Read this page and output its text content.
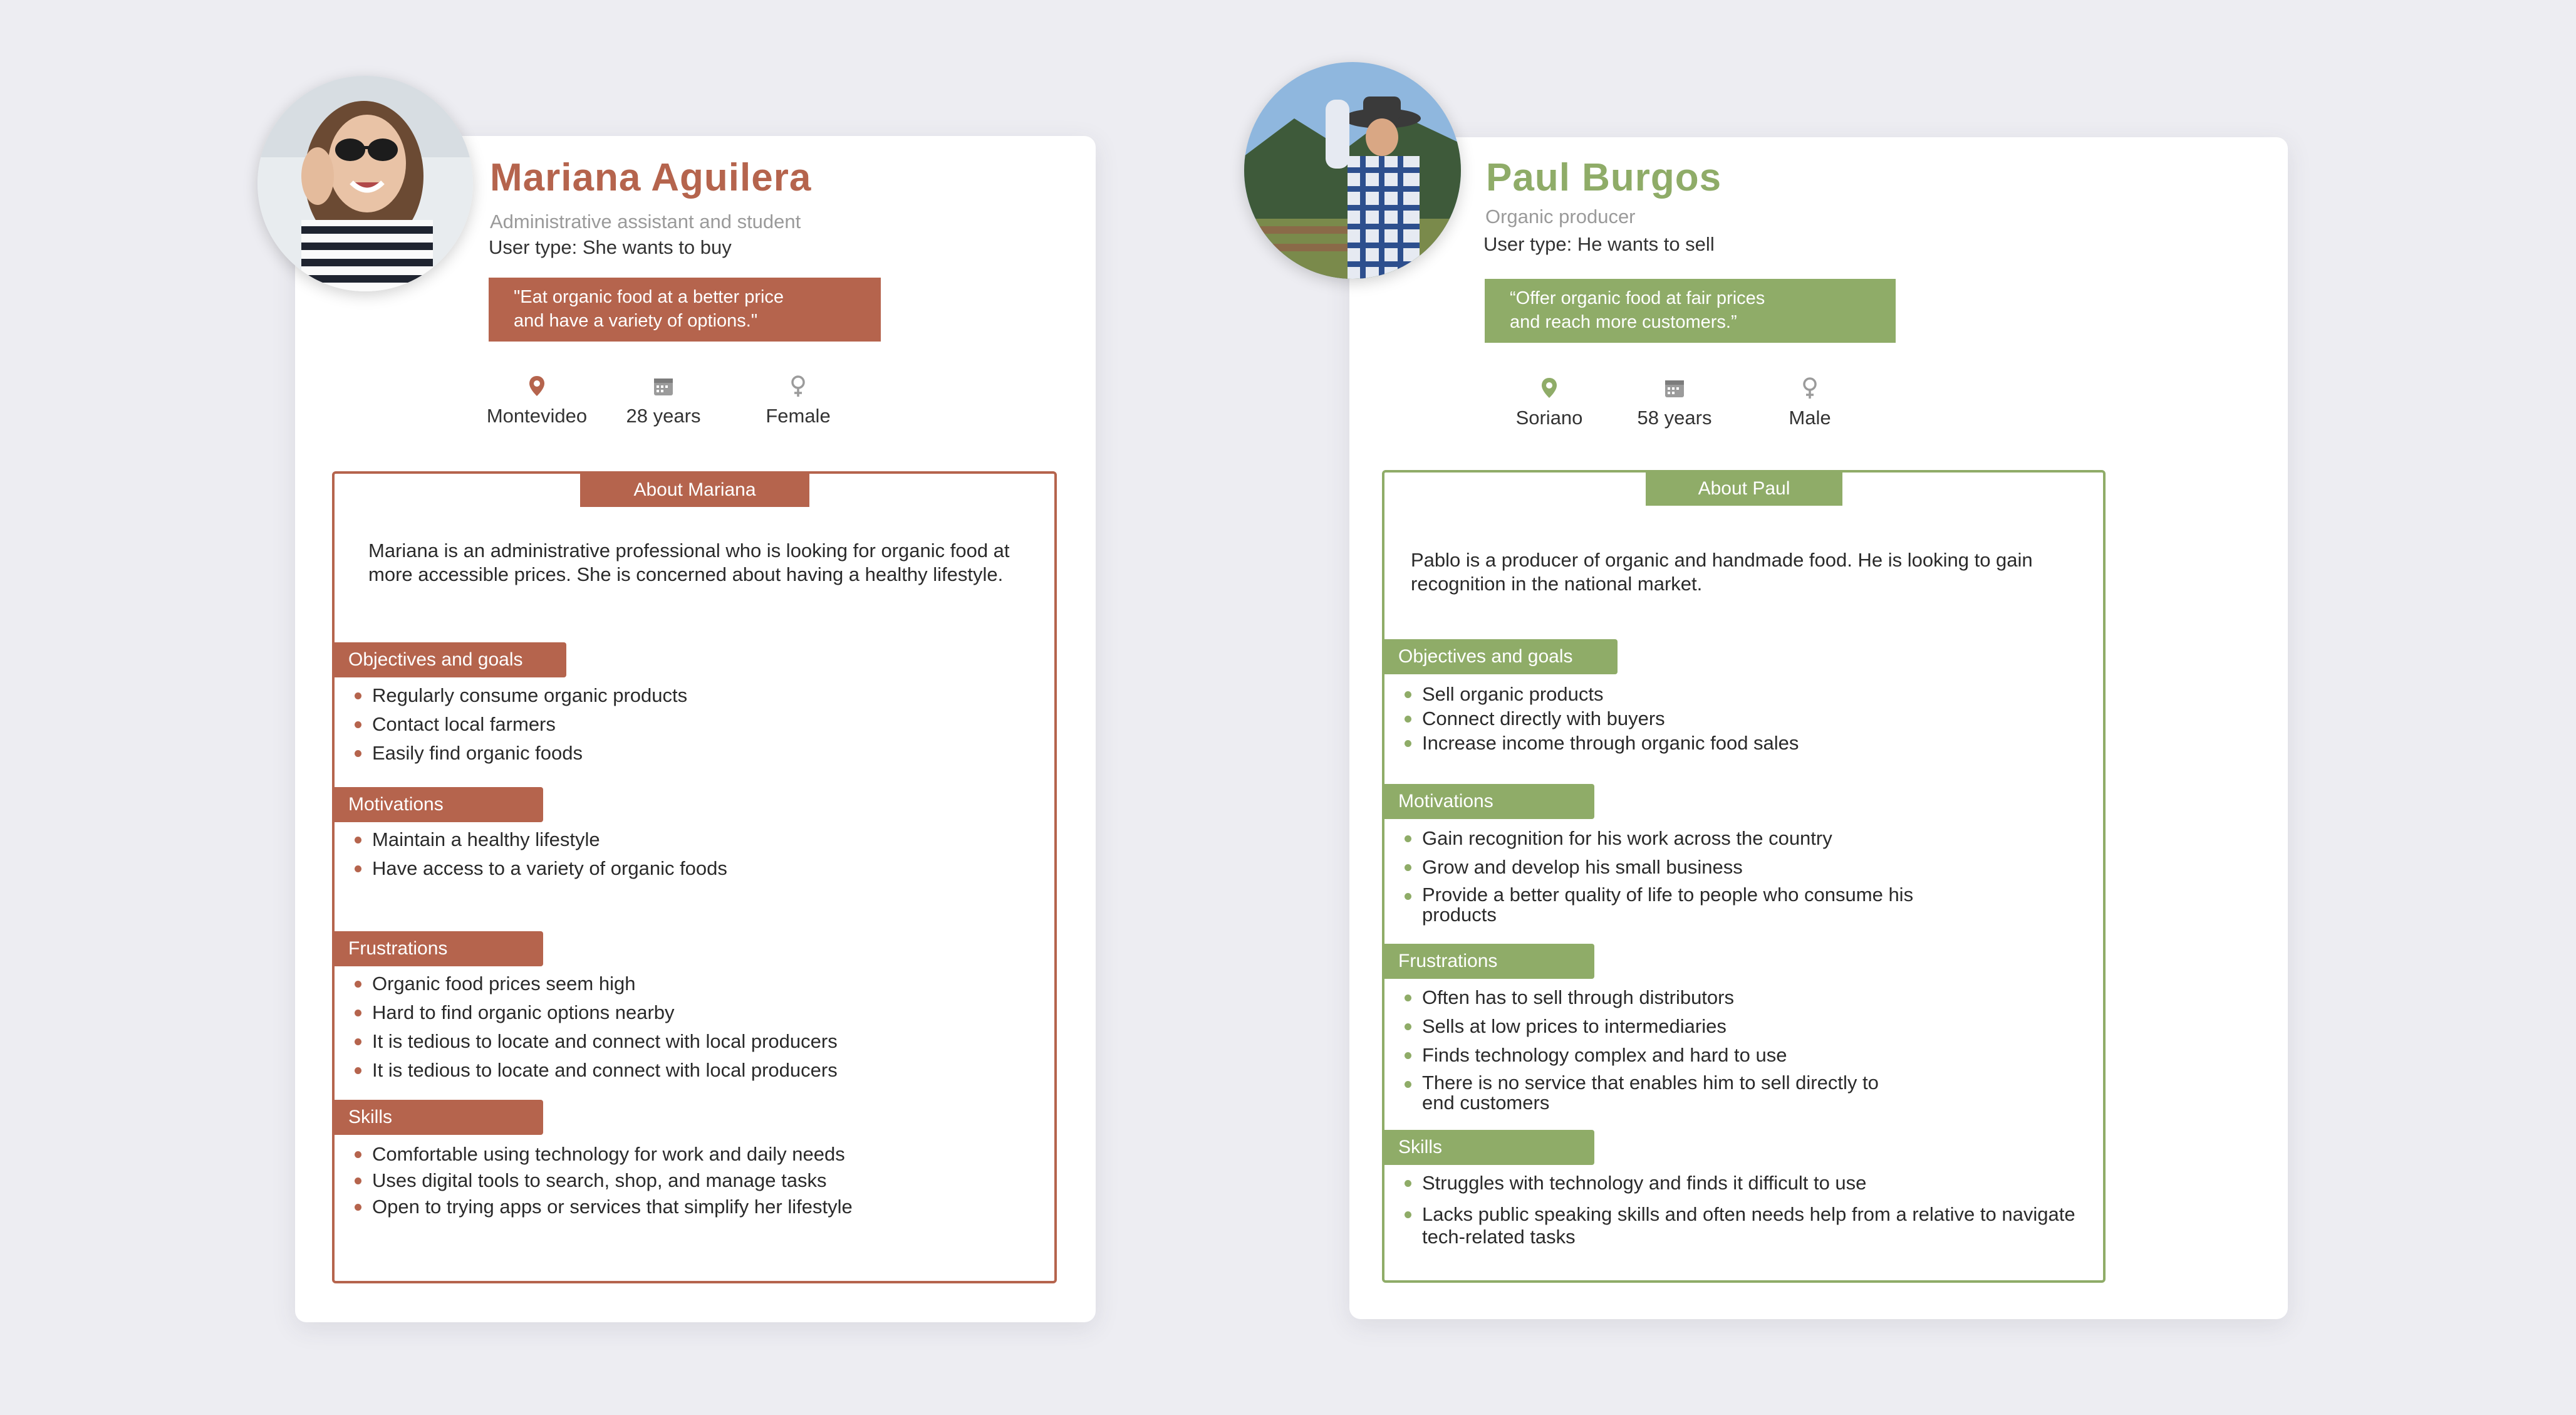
Mariana Aguilera
Administrative assistant and student
User type: She wants to buy
"Eat organic food at a better price
and have a variety of options."
Montevideo	28 years	Female
About Mariana
Mariana is an administrative professional who is looking for organic food at more accessible prices. She is concerned about having a healthy lifestyle.
Objectives and goals
Regularly consume organic products
Contact local farmers
Easily find organic foods
Motivations
Maintain a healthy lifestyle
Have access to a variety of organic foods
Frustrations
Organic food prices seem high
Hard to find organic options nearby
It is tedious to locate and connect with local producers
It is tedious to locate and connect with local producers
Skills
Comfortable using technology for work and daily needs
Uses digital tools to search, shop, and manage tasks
Open to trying apps or services that simplify her lifestyle
Paul Burgos
Organic producer
User type: He wants to sell
“Offer organic food at fair prices
and reach more customers.”
Soriano	58 years	Male
About Paul
Pablo is a producer of organic and handmade food. He is looking to gain recognition in the national market.
Objectives and goals
Sell organic products
Connect directly with buyers
Increase income through organic food sales
Motivations
Gain recognition for his work across the country
Grow and develop his small business
Provide a better quality of life to people who consume his products
Frustrations
Often has to sell through distributors
Sells at low prices to intermediaries
Finds technology complex and hard to use
There is no service that enables him to sell directly to end customers
Skills
Struggles with technology and finds it difficult to use
Lacks public speaking skills and often needs help from a relative to navigate tech-related tasks
